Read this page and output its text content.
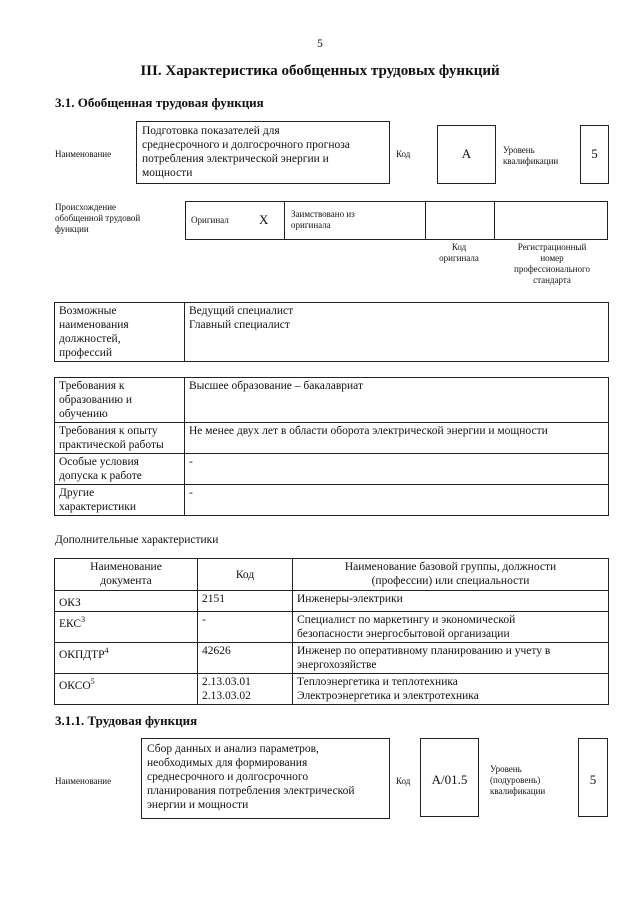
5
III. Характеристика обобщенных трудовых функций
3.1. Обобщенная трудовая функция
Наименование
Подготовка показателей для
среднесрочного и долгосрочного прогноза
потребления электрической энергии и
мощности
Код	А	Уровень
квалификации	5
Происхождение
обобщенной трудовой
функции
Оригинал X	Заимствовано из
оригинала
Код
оригинала
Регистрационный
номер
профессионального
стандарта
Возможные
наименования
должностей,
профессий	Ведущий специалист
Главный специалист
Требования к
образованию и
обучению	Высшее образование – бакалавриат
Требования к опыту
практической работы	Не менее двух лет в области оборота электрической энергии и мощности
Особые условия
допуска к работе	-
Другие
характеристики	-
Дополнительные характеристики
Наименование
документа	Код	Наименование базовой группы, должности
(профессии) или специальности
ОКЗ	2151	Инженеры-электрики
ЕКС$^3$	-	Специалист по маркетингу и экономической
безопасности энергосбытовой организации
ОКПДТР$^4$	42626	Инженер по оперативному планированию и учету в
энергохозяйстве
ОКСО$^5$	2.13.03.01
2.13.03.02	Теплоэнергетика и теплотехника
Электроэнергетика и электротехника
3.1.1. Трудовая функция
Наименование
Сбор данных и анализ параметров,
необходимых для формирования
среднесрочного и долгосрочного
планирования потребления электрической
энергии и мощности
Код	А/01.5
Уровень
(подуровень)
квалификации
5
